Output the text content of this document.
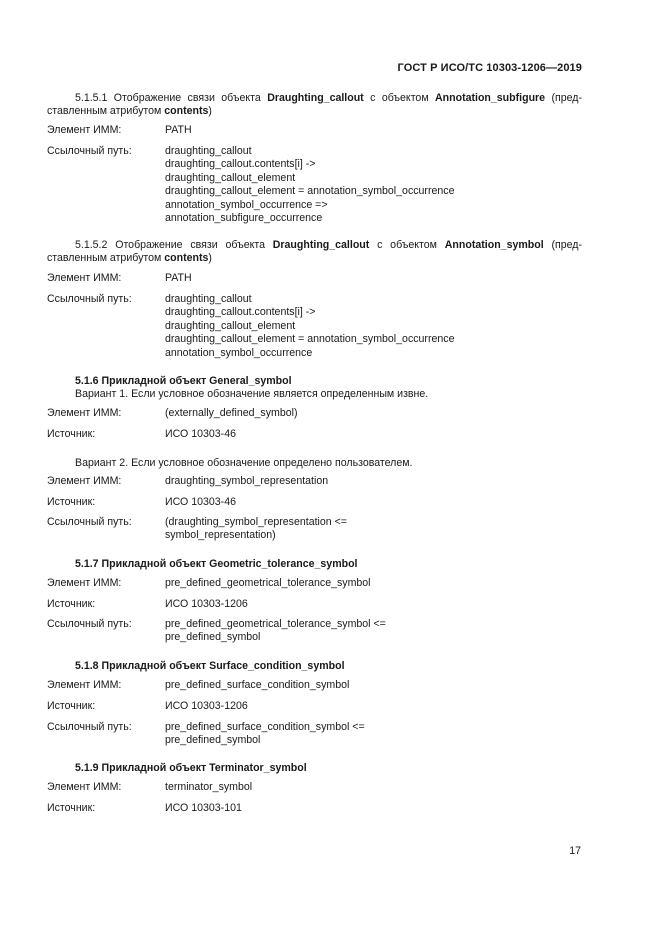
ГОСТ Р ИСО/ТС 10303-1206—2019
5.1.5.1 Отображение связи объекта Draughting_callout с объектом Annotation_subfigure (пред-ставленным атрибутом contents)
Элемент ИММ:	PATH
Ссылочный путь:	draughting_callout
draughting_callout.contents[i] ->
draughting_callout_element
draughting_callout_element = annotation_symbol_occurrence
annotation_symbol_occurrence =>
annotation_subfigure_occurrence
5.1.5.2 Отображение связи объекта Draughting_callout с объектом Annotation_symbol (пред-ставленным атрибутом contents)
Элемент ИММ:	PATH
Ссылочный путь:	draughting_callout
draughting_callout.contents[i] ->
draughting_callout_element
draughting_callout_element = annotation_symbol_occurrence
annotation_symbol_occurrence
5.1.6 Прикладной объект General_symbol
Вариант 1. Если условное обозначение является определенным извне.
Элемент ИММ:	(externally_defined_symbol)
Источник:	ИСО 10303-46
Вариант 2. Если условное обозначение определено пользователем.
Элемент ИММ:	draughting_symbol_representation
Источник:	ИСО 10303-46
Ссылочный путь:	(draughting_symbol_representation <=
symbol_representation)
5.1.7 Прикладной объект Geometric_tolerance_symbol
Элемент ИММ:	pre_defined_geometrical_tolerance_symbol
Источник:	ИСО 10303-1206
Ссылочный путь:	pre_defined_geometrical_tolerance_symbol <=
pre_defined_symbol
5.1.8 Прикладной объект Surface_condition_symbol
Элемент ИММ:	pre_defined_surface_condition_symbol
Источник:	ИСО 10303-1206
Ссылочный путь:	pre_defined_surface_condition_symbol <=
pre_defined_symbol
5.1.9 Прикладной объект Terminator_symbol
Элемент ИММ:	terminator_symbol
Источник:	ИСО 10303-101
17
